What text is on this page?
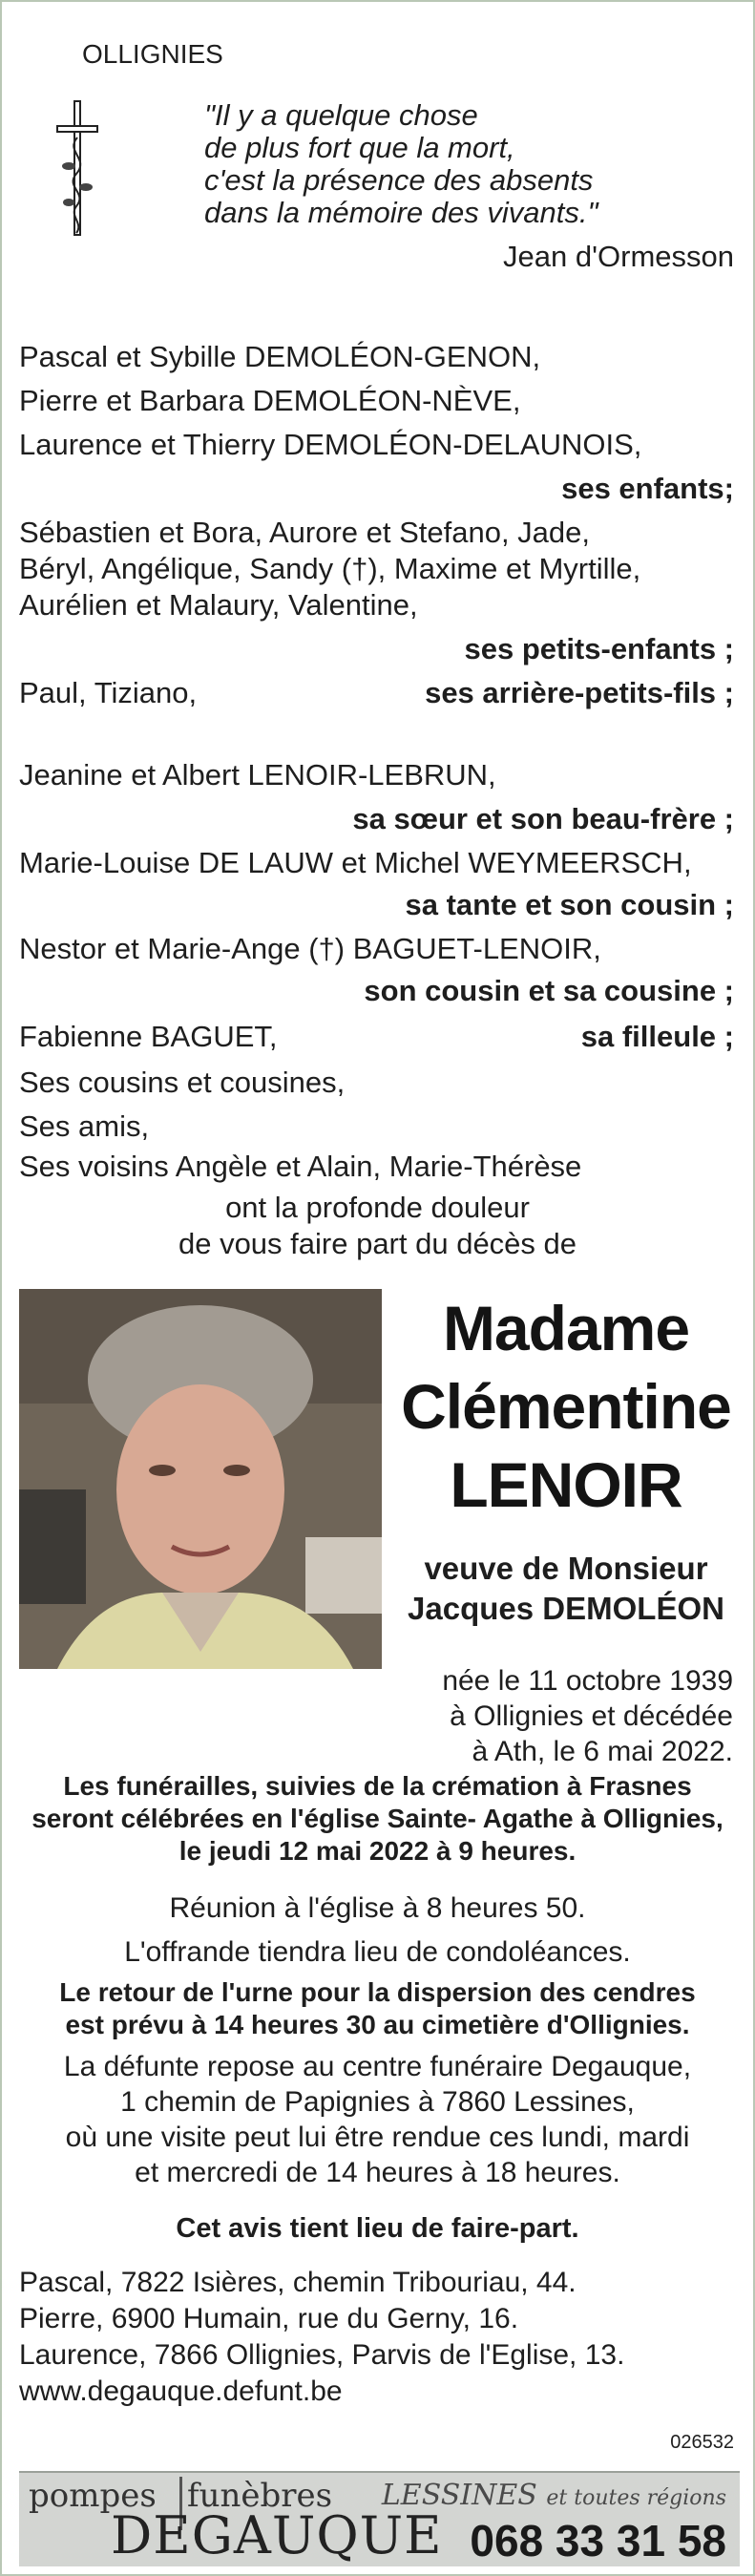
OLLIGNIES
"Il y a quelque chose
de plus fort que la mort,
c'est la présence des absents
dans la mémoire des vivants."
Jean d'Ormesson
Pascal et Sybille DEMOLÉON-GENON,
Pierre et Barbara DEMOLÉON-NÈVE,
Laurence et Thierry DEMOLÉON-DELAUNOIS,
ses enfants;
Sébastien et Bora, Aurore et Stefano, Jade,
Béryl, Angélique, Sandy (†), Maxime et Myrtille,
Aurélien et Malaury, Valentine,
ses petits-enfants ;
Paul, Tiziano,	ses arrière-petits-fils ;
Jeanine et Albert LENOIR-LEBRUN,
sa sœur et son beau-frère ;
Marie-Louise DE LAUW et Michel WEYMEERSCH,
sa tante et son cousin ;
Nestor et Marie-Ange (†) BAGUET-LENOIR,
son cousin et sa cousine ;
Fabienne BAGUET,	sa filleule ;
Ses cousins et cousines,
Ses amis,
Ses voisins Angèle et Alain, Marie-Thérèse
ont la profonde douleur
de vous faire part du décès de
Madame
Clémentine
LENOIR
veuve de Monsieur
Jacques DEMOLÉON
née le 11 octobre 1939
à Ollignies et décédée
à Ath, le 6 mai 2022.
Les funérailles, suivies de la crémation à Frasnes
seront célébrées en l'église Sainte- Agathe à Ollignies,
le jeudi 12 mai 2022 à 9 heures.
Réunion à l'église à 8 heures 50.
L'offrande tiendra lieu de condoléances.
Le retour de l'urne pour la dispersion des cendres
est prévu à 14 heures 30 au cimetière d'Ollignies.
La défunte repose au centre funéraire Degauque,
1 chemin de Papignies à 7860 Lessines,
où une visite peut lui être rendue ces lundi, mardi
et mercredi de 14 heures à 18 heures.
Cet avis tient lieu de faire-part.
Pascal, 7822 Isières, chemin Tribouriau, 44.
Pierre, 6900 Humain, rue du Gerny, 16.
Laurence, 7866 Ollignies, Parvis de l'Eglise, 13.
www.degauque.defunt.be
026532
pompes funèbres
DEGAUQUE
LESSINES et toutes régions
068 33 31 58
